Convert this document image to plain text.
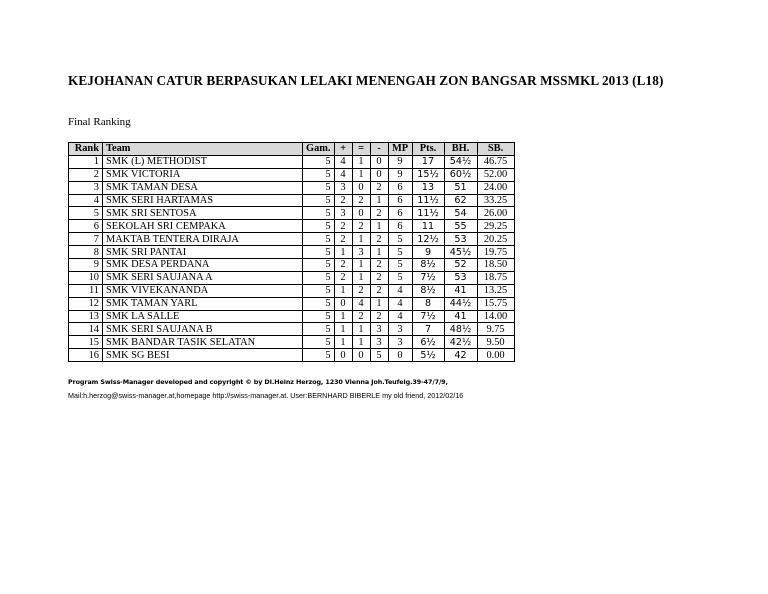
KEJOHANAN CATUR BERPASUKAN LELAKI MENENGAH ZON BANGSAR MSSMKL 2013 (L18)
Final Ranking
Rank	Team	Gam.	+	=	-	MP	Pts.	BH.	SB.
1	SMK (L) METHODIST	5	4	1	0	9	17	54½	46.75
2	SMK VICTORIA	5	4	1	0	9	15½	60½	52.00
3	SMK TAMAN DESA	5	3	0	2	6	13	51	24.00
4	SMK SERI HARTAMAS	5	2	2	1	6	11½	62	33.25
5	SMK SRI SENTOSA	5	3	0	2	6	11½	54	26.00
6	SEKOLAH SRI CEMPAKA	5	2	2	1	6	11	55	29.25
7	MAKTAB TENTERA DIRAJA	5	2	1	2	5	12½	53	20.25
8	SMK SRI PANTAI	5	1	3	1	5	9	45½	19.75
9	SMK DESA PERDANA	5	2	1	2	5	8½	52	18.50
10	SMK SERI SAUJANA A	5	2	1	2	5	7½	53	18.75
11	SMK VIVEKANANDA	5	1	2	2	4	8½	41	13.25
12	SMK TAMAN YARL	5	0	4	1	4	8	44½	15.75
13	SMK LA SALLE	5	1	2	2	4	7½	41	14.00
14	SMK SERI SAUJANA B	5	1	1	3	3	7	48½	9.75
15	SMK BANDAR TASIK SELATAN	5	1	1	3	3	6½	42½	9.50
16	SMK SG BESI	5	0	0	5	0	5½	42	0.00
Program Swiss-Manager developed and copyright © by DI.Heinz Herzog, 1230 Vienna Joh.Teufelg.39-47/7/9,
Mail:h.herzog@swiss-manager.at,homepage http://swiss-manager.at. User:BERNHARD BIBERLE my old friend, 2012/02/16
